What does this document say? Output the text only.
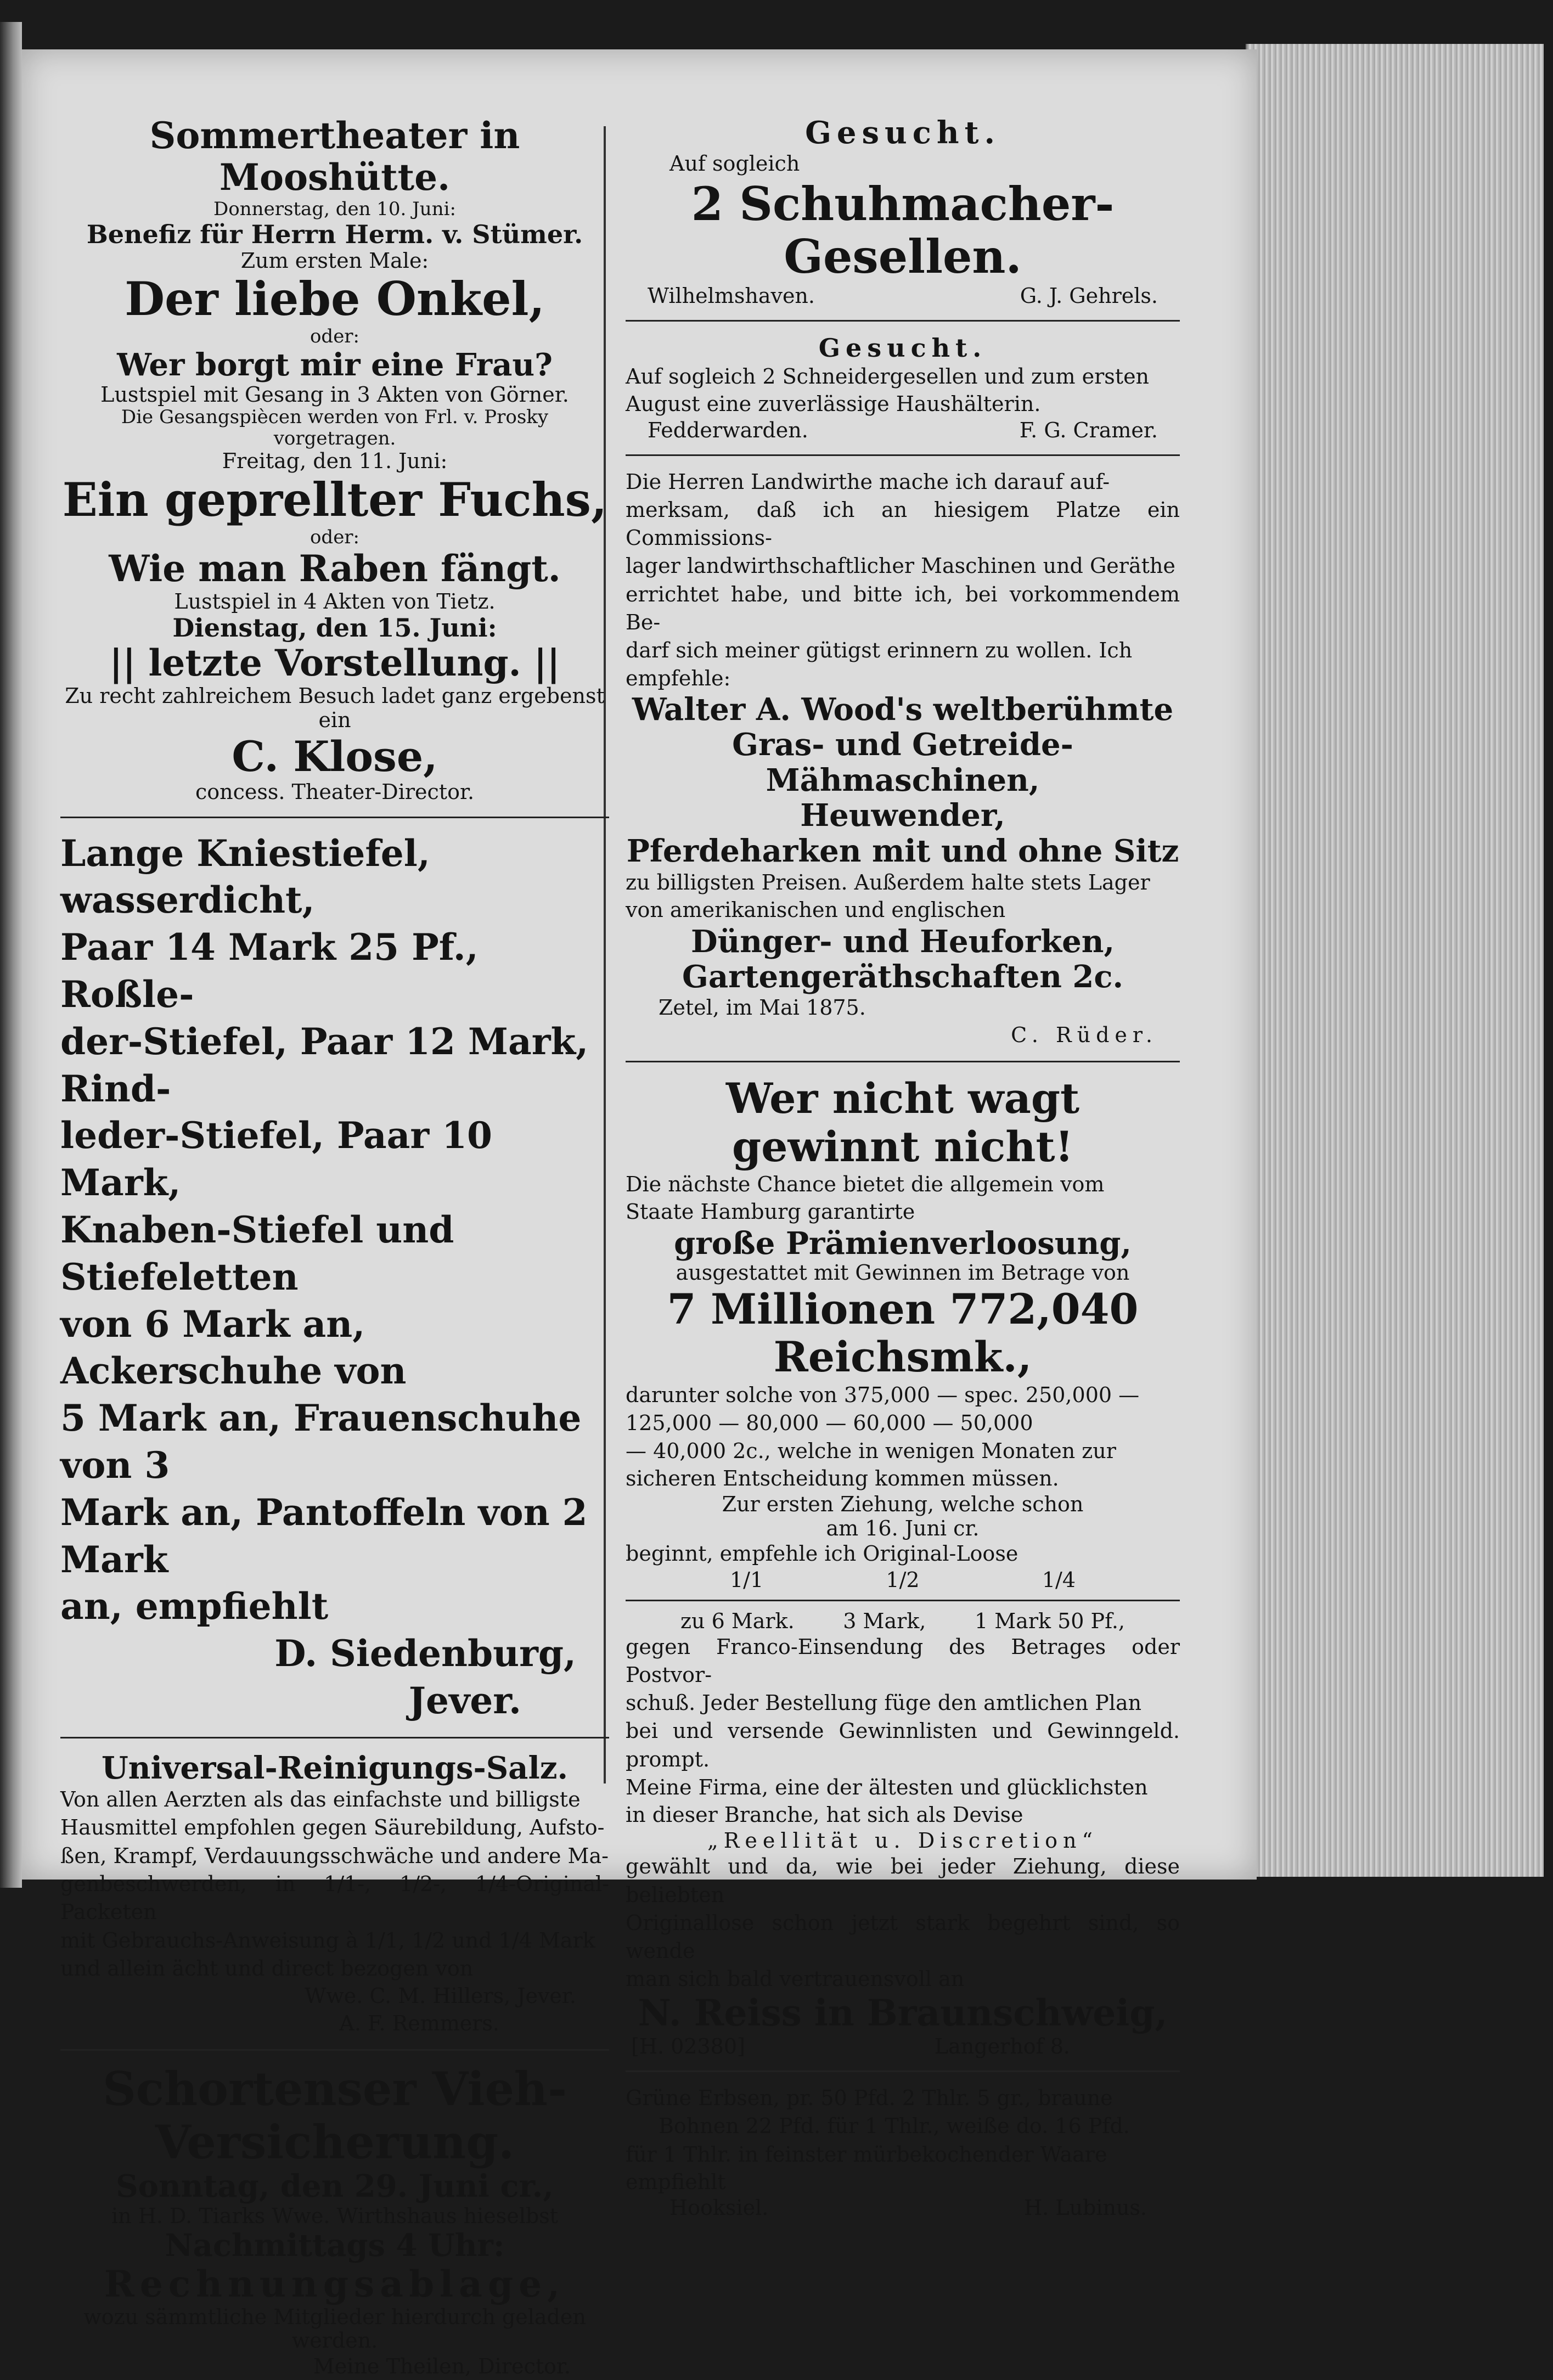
Sommertheater in Mooshütte.

Donnerstag, den 10. Juni:

Benefiz für Herrn Herm. v. Stümer.

Zum ersten Male:

Der liebe Onkel,

oder:

Wer borgt mir eine Frau?

Lustspiel mit Gesang in 3 Akten von Görner.

Die Gesangspiècen werden von Frl. v. Prosky

vorgetragen.

Freitag, den 11. Juni:

Ein geprellter Fuchs,

oder:

Wie man Raben fängt.

Lustspiel in 4 Akten von Tietz.

Dienstag, den 15. Juni:

|| letzte Vorstellung. ||

Zu recht zahlreichem Besuch ladet ganz ergebenst ein

C. Klose,

concess. Theater-Director.

Lange Kniestiefel, wasserdicht,

Paar 14 Mark 25 Pf., Roßle-

der-Stiefel, Paar 12 Mark, Rind-

leder-Stiefel, Paar 10 Mark,

Knaben-Stiefel und Stiefeletten

von 6 Mark an, Ackerschuhe von

5 Mark an, Frauenschuhe von 3

Mark an, Pantoffeln von 2 Mark

an, empfiehlt

D. Siedenburg,

Jever.

Universal-Reinigungs-Salz.

Von allen Aerzten als das einfachste und billigste

Hausmittel empfohlen gegen Säurebildung, Aufsto-

ßen, Krampf, Verdauungsschwäche und andere Ma-

genbeschwerden, in 1/1-, 1/2-, 1/4-Original-Packeten

mit Gebrauchs-Anweisung à 1/1, 1/2 und 1/4 Mark

und allein ächt und direct bezogen von

Wwe. C. M. Hillers, Jever.

A. F. Remmers.

Schortenser Vieh-

Versicherung.

Sonntag, den 29. Juni cr.,

in H. D. Tiarks Wwe. Wirthshaus hieselbst

Nachmittags 4 Uhr:

Rechnungsablage,

wozu sämmtliche Mitglieder hierdurch geladen werden.

Meine Theilen, Director.

Gesucht.

Auf sogleich

2 Schuhmacher-Gesellen.

Wilhelmshaven.	G. J. Gehrels.

Gesucht.

Auf sogleich 2 Schneidergesellen und zum ersten

August eine zuverlässige Haushälterin.

Fedderwarden.	F. G. Cramer.

Die Herren Landwirthe mache ich darauf auf-

merksam, daß ich an hiesigem Platze ein Commissions-

lager landwirthschaftlicher Maschinen und Geräthe

errichtet habe, und bitte ich, bei vorkommendem Be-

darf sich meiner gütigst erinnern zu wollen. Ich

empfehle:

Walter A. Wood's weltberühmte

Gras- und Getreide-Mähmaschinen,

Heuwender,

Pferdeharken mit und ohne Sitz

zu billigsten Preisen. Außerdem halte stets Lager

von amerikanischen und englischen

Dünger- und Heuforken,

Gartengeräthschaften 2c.

Zetel, im Mai 1875.

C. Rüder.

Wer nicht wagt gewinnt nicht!

Die nächste Chance bietet die allgemein vom

Staate Hamburg garantirte

große Prämienverloosung,

ausgestattet mit Gewinnen im Betrage von

7 Millionen 772,040 Reichsmk.,

darunter solche von 375,000 — spec. 250,000 —

125,000 — 80,000 — 60,000 — 50,000

— 40,000 2c., welche in wenigen Monaten zur

sicheren Entscheidung kommen müssen.

Zur ersten Ziehung, welche schon

am 16. Juni cr.

beginnt, empfehle ich Original-Loose

1/1	1/2	1/4
zu 6 Mark. 3 Mark, 1 Mark 50 Pf.,

gegen Franco-Einsendung des Betrages oder Postvor-

schuß. Jeder Bestellung füge den amtlichen Plan

bei und versende Gewinnlisten und Gewinngeld. prompt.

Meine Firma, eine der ältesten und glücklichsten

in dieser Branche, hat sich als Devise

„Reellität u. Discretion“

gewählt und da, wie bei jeder Ziehung, diese beliebten

Originallose schon jetzt stark begehrt sind, so wende

man sich bald vertrauensvoll an

N. Reiss in Braunschweig,

[H. 02380]	Langerhof 8.

Grüne Erbsen, pr. 50 Pfd. 2 Thlr. 5 gr., braune

Bohnen 22 Pfd. für 1 Thlr., weiße do. 16 Pfd.

für 1 Thlr. in feinster mürbekochender Waare

empfiehlt

Hooksiel.	H. Lubinus.
